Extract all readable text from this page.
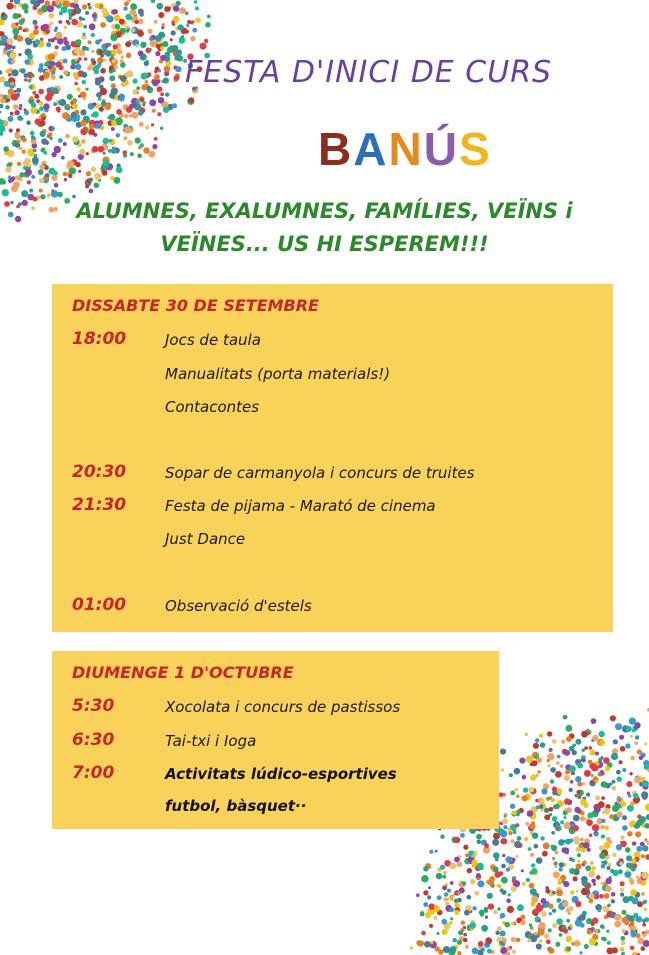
FESTA D'INICI DE CURS
BANÚS
ALUMNES, EXALUMNES, FAMÍLIES, VEÏNS i
VEÏNES... US HI ESPEREM!!!
DISSABTE 30 DE SETEMBRE
18:00	Jocs de taula
Manualitats (porta materials!)
Contacontes
20:30	Sopar de carmanyola i concurs de truites
21:30	Festa de pijama - Marató de cinema
Just Dance
01:00	Observació d'estels
DIUMENGE 1 D'OCTUBRE
5:30	Xocolata i concurs de pastissos
6:30	Tai-txi i Ioga
7:00	Activitats lúdico-esportives
futbol, bàsquet··
